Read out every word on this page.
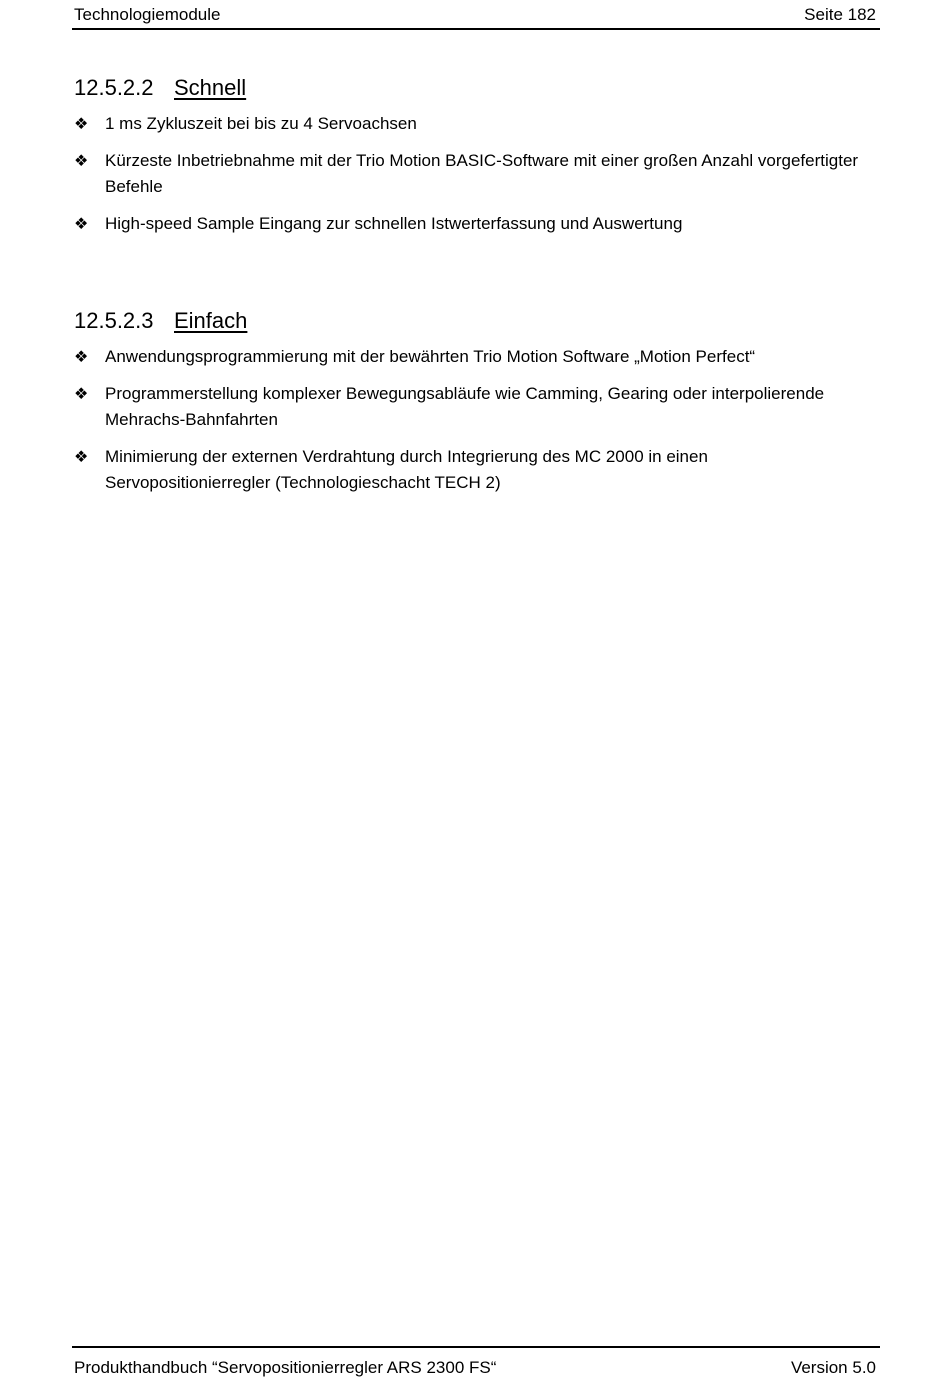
Technologiemodule	Seite 182
12.5.2.2 Schnell
❖ 1 ms Zykluszeit bei bis zu 4 Servoachsen
❖ Kürzeste Inbetriebnahme mit der Trio Motion BASIC-Software mit einer großen Anzahl vorgefertigter Befehle
❖ High-speed Sample Eingang zur schnellen Istwerterfassung und Auswertung
12.5.2.3 Einfach
❖ Anwendungsprogrammierung mit der bewährten Trio Motion Software „Motion Perfect“
❖ Programmerstellung komplexer Bewegungsabläufe wie Camming, Gearing oder interpolierende Mehrachs-Bahnfahrten
❖ Minimierung der externen Verdrahtung durch Integrierung des MC 2000 in einen Servopositionierregler (Technologieschacht TECH 2)
Produkthandbuch “Servopositionierregler ARS 2300 FS“	Version 5.0
